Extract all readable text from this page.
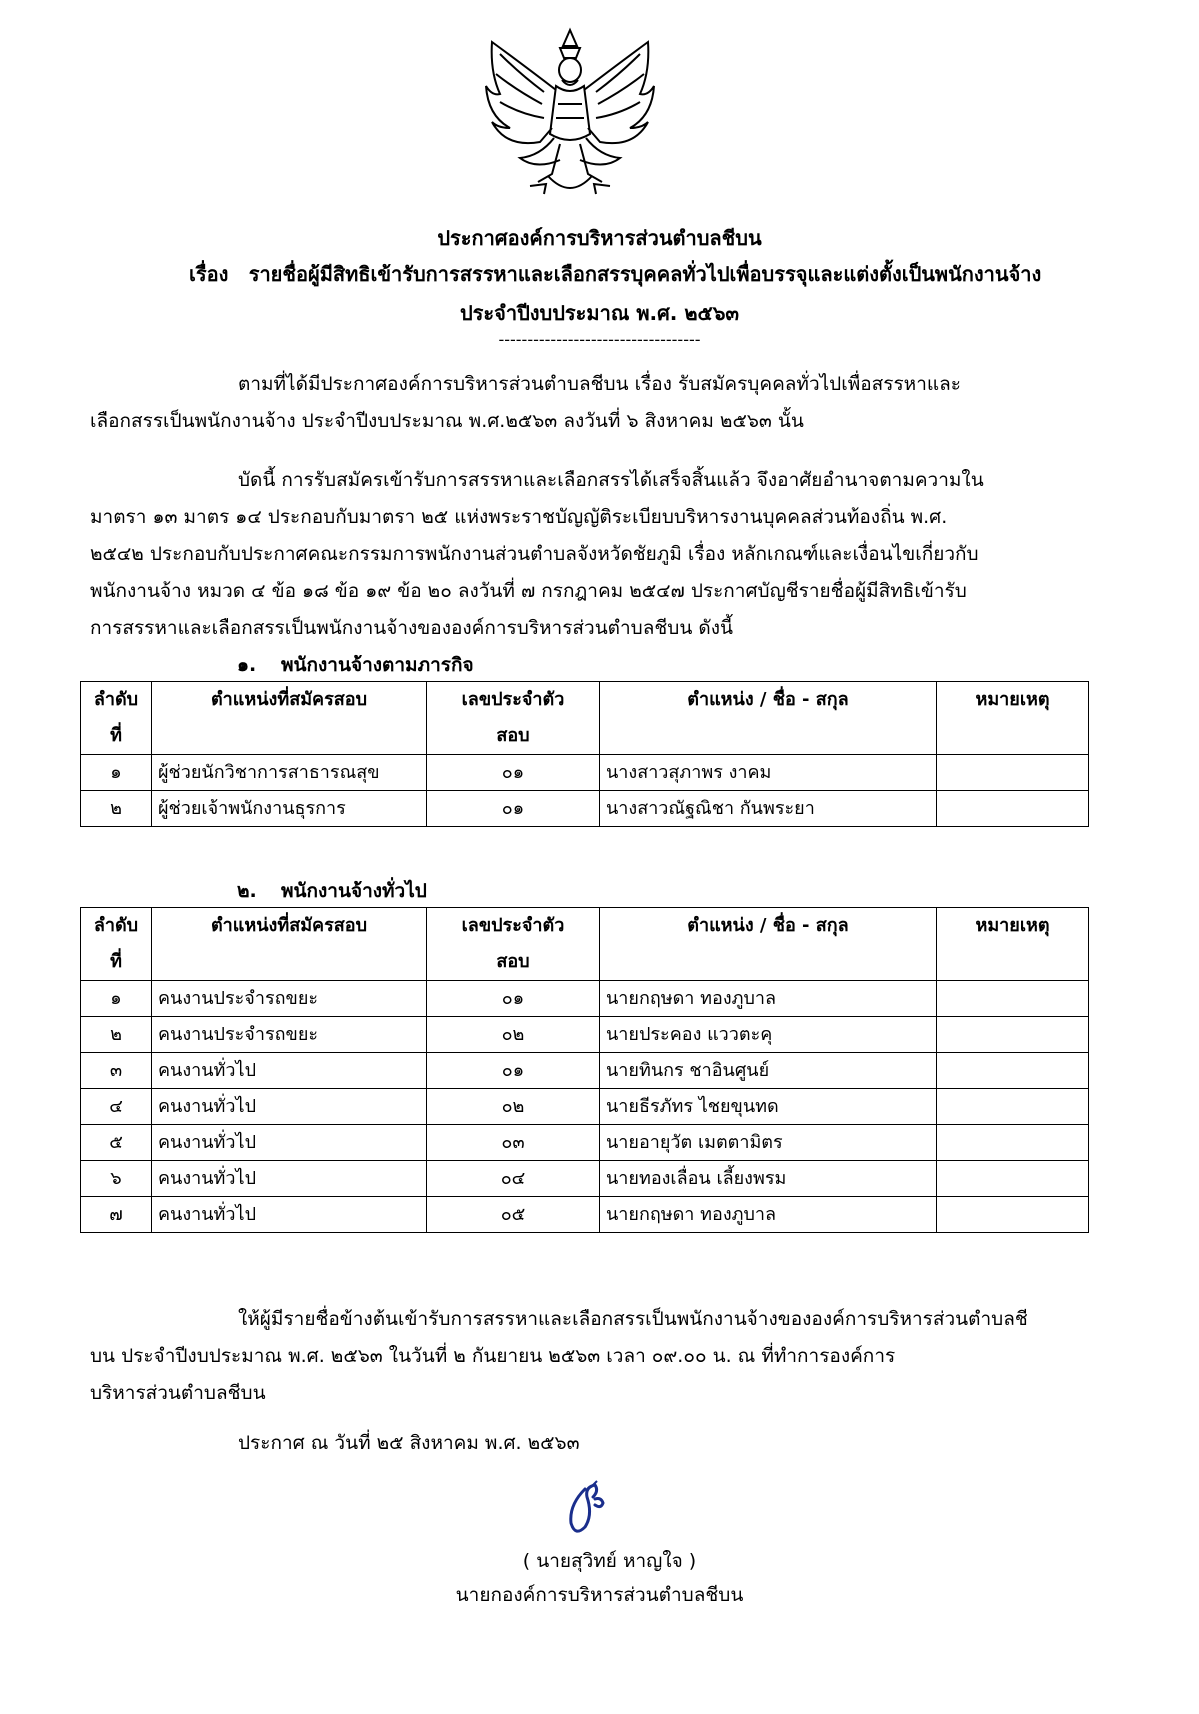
ประกาศองค์การบริหารส่วนตำบลชีบน
เรื่อง รายชื่อผู้มีสิทธิเข้ารับการสรรหาและเลือกสรรบุคคลทั่วไปเพื่อบรรจุและแต่งตั้งเป็นพนักงานจ้าง
ประจำปีงบประมาณ พ.ศ. ๒๕๖๓
-----------------------------------

ตามที่ได้มีประกาศองค์การบริหารส่วนตำบลชีบน เรื่อง รับสมัครบุคคลทั่วไปเพื่อสรรหาและ

เลือกสรรเป็นพนักงานจ้าง ประจำปีงบประมาณ พ.ศ.๒๕๖๓ ลงวันที่ ๖ สิงหาคม ๒๕๖๓ นั้น

บัดนี้ การรับสมัครเข้ารับการสรรหาและเลือกสรรได้เสร็จสิ้นแล้ว จึงอาศัยอำนาจตามความใน

มาตรา ๑๓ มาตร ๑๔ ประกอบกับมาตรา ๒๕ แห่งพระราชบัญญัติระเบียบบริหารงานบุคคลส่วนท้องถิ่น พ.ศ.

๒๕๔๒ ประกอบกับประกาศคณะกรรมการพนักงานส่วนตำบลจังหวัดชัยภูมิ เรื่อง หลักเกณฑ์และเงื่อนไขเกี่ยวกับ

พนักงานจ้าง หมวด ๔ ข้อ ๑๘ ข้อ ๑๙ ข้อ ๒๐ ลงวันที่ ๗ กรกฎาคม ๒๕๔๗ ประกาศบัญชีรายชื่อผู้มีสิทธิเข้ารับ

การสรรหาและเลือกสรรเป็นพนักงานจ้างขององค์การบริหารส่วนตำบลชีบน ดังนี้

๑. พนักงานจ้างตามภารกิจ
ลำดับ
ที่	ตำแหน่งที่สมัครสอบ	เลขประจำตัว
สอบ	ตำแหน่ง / ชื่อ - สกุล	หมายเหตุ
๑	ผู้ช่วยนักวิชาการสาธารณสุข	๐๑	นางสาวสุภาพร งาคม	
๒	ผู้ช่วยเจ้าพนักงานธุรการ	๐๑	นางสาวณัฐณิชา กันพระยา	
๒. พนักงานจ้างทั่วไป
ลำดับ
ที่	ตำแหน่งที่สมัครสอบ	เลขประจำตัว
สอบ	ตำแหน่ง / ชื่อ - สกุล	หมายเหตุ
๑	คนงานประจำรถขยะ	๐๑	นายกฤษดา ทองภูบาล	
๒	คนงานประจำรถขยะ	๐๒	นายประคอง แววตะคุ	
๓	คนงานทั่วไป	๐๑	นายทินกร ชาอินศูนย์	
๔	คนงานทั่วไป	๐๒	นายธีรภัทร ไชยขุนทด	
๕	คนงานทั่วไป	๐๓	นายอายุวัต เมตตามิตร	
๖	คนงานทั่วไป	๐๔	นายทองเลื่อน เลี้ยงพรม	
๗	คนงานทั่วไป	๐๕	นายกฤษดา ทองภูบาล	

ให้ผู้มีรายชื่อข้างต้นเข้ารับการสรรหาและเลือกสรรเป็นพนักงานจ้างขององค์การบริหารส่วนตำบลชี

บน ประจำปีงบประมาณ พ.ศ. ๒๕๖๓ ในวันที่ ๒ กันยายน ๒๕๖๓ เวลา ๐๙.๐๐ น. ณ ที่ทำการองค์การ

บริหารส่วนตำบลชีบน

ประกาศ ณ วันที่ ๒๕ สิงหาคม พ.ศ. ๒๕๖๓
( นายสุวิทย์ หาญใจ )
นายกองค์การบริหารส่วนตำบลชีบน
